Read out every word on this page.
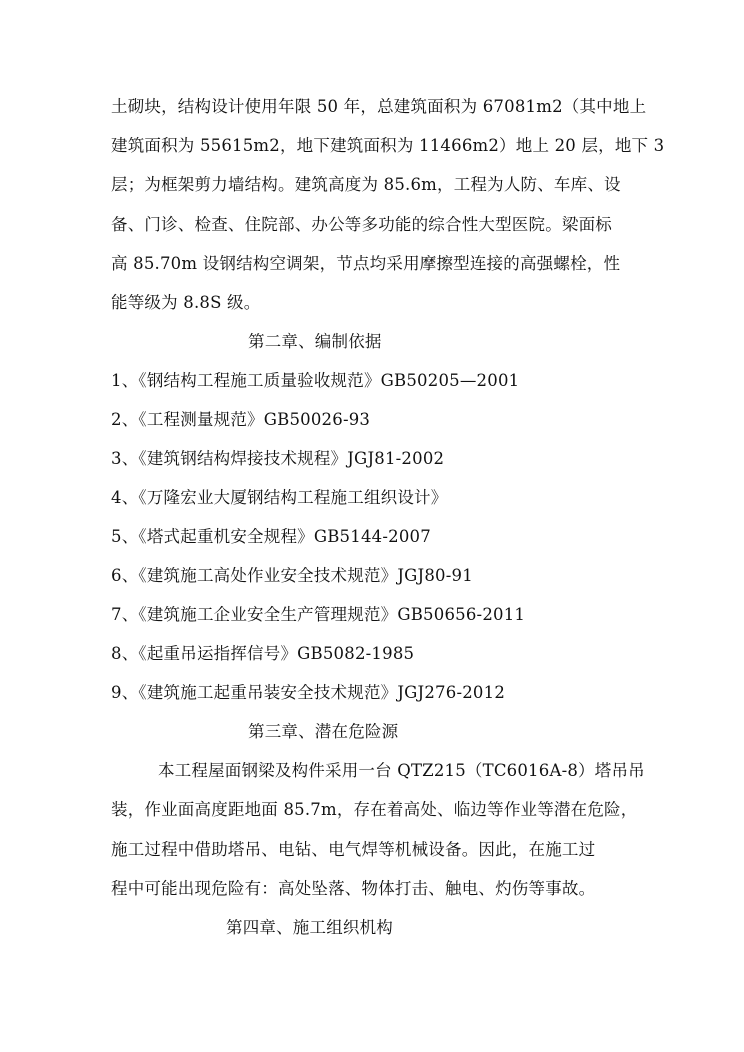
土砌块，结构设计使用年限 50 年，总建筑面积为 67081m2（其中地上
建筑面积为 55615m2，地下建筑面积为 11466m2）地上 20 层，地下 3
层；为框架剪力墙结构。建筑高度为 85.6m，工程为人防、车库、设
备、门诊、检查、住院部、办公等多功能的综合性大型医院。梁面标
高 85.70m 设钢结构空调架，节点均采用摩擦型连接的高强螺栓，性
能等级为 8.8S 级。
第二章、编制依据
1、《钢结构工程施工质量验收规范》GB50205—2001
2、《工程测量规范》GB50026-93
3、《建筑钢结构焊接技术规程》JGJ81-2002
4、《万隆宏业大厦钢结构工程施工组织设计》
5、《塔式起重机安全规程》GB5144-2007
6、《建筑施工高处作业安全技术规范》JGJ80-91
7、《建筑施工企业安全生产管理规范》GB50656-2011
8、《起重吊运指挥信号》GB5082-1985
9、《建筑施工起重吊装安全技术规范》JGJ276-2012
第三章、潜在危险源
本工程屋面钢梁及构件采用一台 QTZ215（TC6016A-8）塔吊吊
装，作业面高度距地面 85.7m，存在着高处、临边等作业等潜在危险，
施工过程中借助塔吊、电钻、电气焊等机械设备。因此，在施工过
程中可能出现危险有：高处坠落、物体打击、触电、灼伤等事故。
第四章、施工组织机构
